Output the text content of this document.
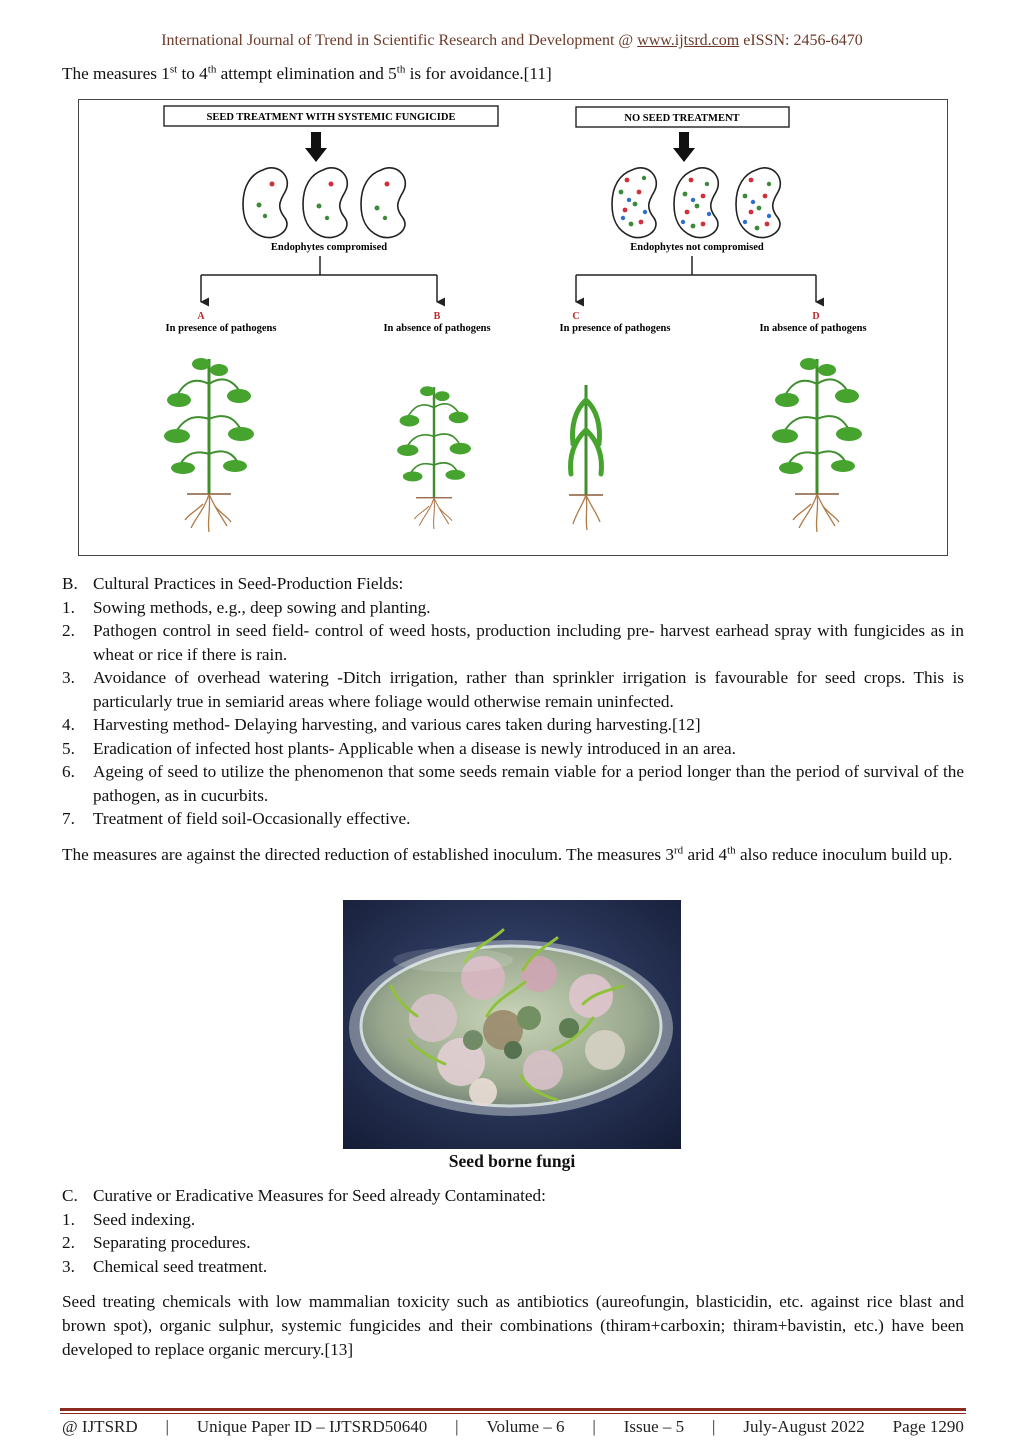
International Journal of Trend in Scientific Research and Development @ www.ijtsrd.com eISSN: 2456-6470
The measures 1st to 4th attempt elimination and 5th is for avoidance.[11]
SEED TREATMENT WITH SYSTEMIC FUNGICIDE	NO SEED TREATMENT
Endophytes compromised	Endophytes not compromised
A
In presence of pathogens
B
In absence of pathogens
C
In presence of pathogens
D
In absence of pathogens
B. Cultural Practices in Seed-Production Fields:
1.	Sowing methods, e.g., deep sowing and planting.
2.	Pathogen control in seed field- control of weed hosts, production including pre- harvest earhead spray with fungicides as in wheat or rice if there is rain.
3.	Avoidance of overhead watering -Ditch irrigation, rather than sprinkler irrigation is favourable for seed crops. This is particularly true in semiarid areas where foliage would otherwise remain uninfected.
4.	Harvesting method- Delaying harvesting, and various cares taken during harvesting.[12]
5.	Eradication of infected host plants- Applicable when a disease is newly introduced in an area.
6.	Ageing of seed to utilize the phenomenon that some seeds remain viable for a period longer than the period of survival of the pathogen, as in cucurbits.
7.	Treatment of field soil-Occasionally effective.
The measures are against the directed reduction of established inoculum. The measures 3rd arid 4th also reduce inoculum build up.
Seed borne fungi
C. Curative or Eradicative Measures for Seed already Contaminated:
1.	Seed indexing.
2.	Separating procedures.
3.	Chemical seed treatment.
Seed treating chemicals with low mammalian toxicity such as antibiotics (aureofungin, blasticidin, etc. against rice blast and brown spot), organic sulphur, systemic fungicides and their combinations (thiram+carboxin; thiram+bavistin, etc.) have been developed to replace organic mercury.[13]
@ IJTSRD | Unique Paper ID – IJTSRD50640 | Volume – 6 | Issue – 5 | July-August 2022 Page 1290
